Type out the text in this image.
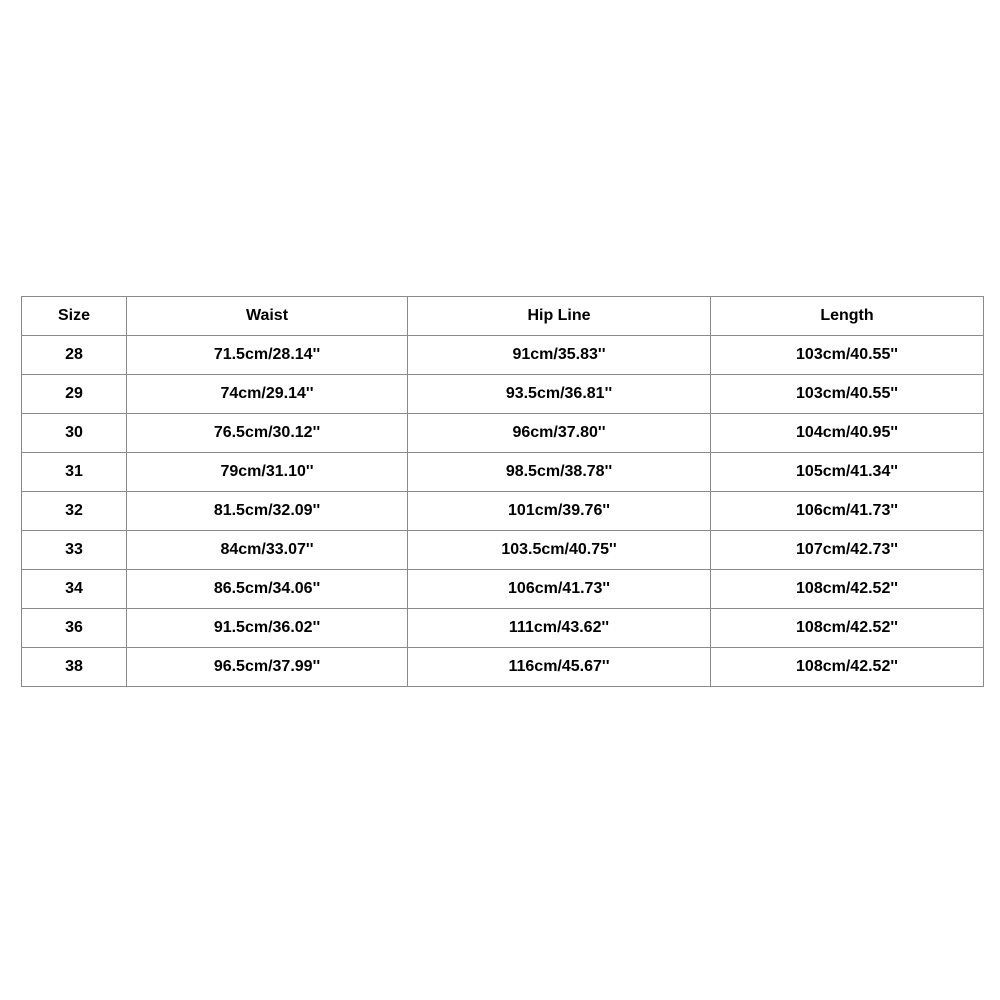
Size	Waist	Hip Line	Length
28	71.5cm/28.14''	91cm/35.83''	103cm/40.55''
29	74cm/29.14''	93.5cm/36.81''	103cm/40.55''
30	76.5cm/30.12''	96cm/37.80''	104cm/40.95''
31	79cm/31.10''	98.5cm/38.78''	105cm/41.34''
32	81.5cm/32.09''	101cm/39.76''	106cm/41.73''
33	84cm/33.07''	103.5cm/40.75''	107cm/42.73''
34	86.5cm/34.06''	106cm/41.73''	108cm/42.52''
36	91.5cm/36.02''	111cm/43.62''	108cm/42.52''
38	96.5cm/37.99''	116cm/45.67''	108cm/42.52''
